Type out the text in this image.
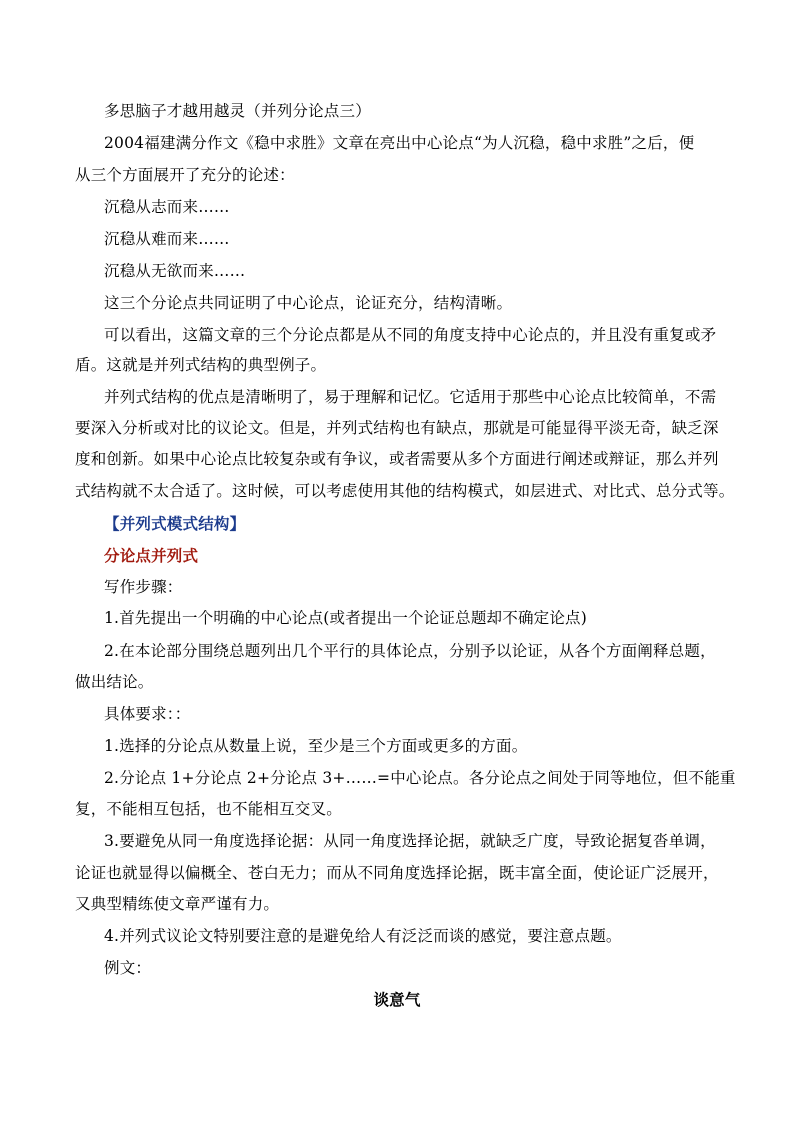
多思脑子才越用越灵（并列分论点三）
2004福建满分作文《稳中求胜》文章在亮出中心论点“为人沉稳，稳中求胜”之后，便
从三个方面展开了充分的论述：
沉稳从志而来……
沉稳从难而来……
沉稳从无欲而来……
这三个分论点共同证明了中心论点，论证充分，结构清晰。
可以看出，这篇文章的三个分论点都是从不同的角度支持中心论点的，并且没有重复或矛
盾。这就是并列式结构的典型例子。
并列式结构的优点是清晰明了，易于理解和记忆。它适用于那些中心论点比较简单，不需
要深入分析或对比的议论文。但是，并列式结构也有缺点，那就是可能显得平淡无奇，缺乏深
度和创新。如果中心论点比较复杂或有争议，或者需要从多个方面进行阐述或辩证，那么并列
式结构就不太合适了。这时候，可以考虑使用其他的结构模式，如层进式、对比式、总分式等。
【并列式模式结构】
分论点并列式
写作步骤：
1.首先提出一个明确的中心论点(或者提出一个论证总题却不确定论点)
2.在本论部分围绕总题列出几个平行的具体论点，分别予以论证，从各个方面阐释总题，
做出结论。
具体要求：：
1.选择的分论点从数量上说，至少是三个方面或更多的方面。
2.分论点 1+分论点 2+分论点 3+……=中心论点。各分论点之间处于同等地位，但不能重
复，不能相互包括，也不能相互交叉。
3.要避免从同一角度选择论据：从同一角度选择论据，就缺乏广度，导致论据复沓单调，
论证也就显得以偏概全、苍白无力；而从不同角度选择论据，既丰富全面，使论证广泛展开，
又典型精练使文章严谨有力。
4.并列式议论文特别要注意的是避免给人有泛泛而谈的感觉，要注意点题。
例文：
谈意气
